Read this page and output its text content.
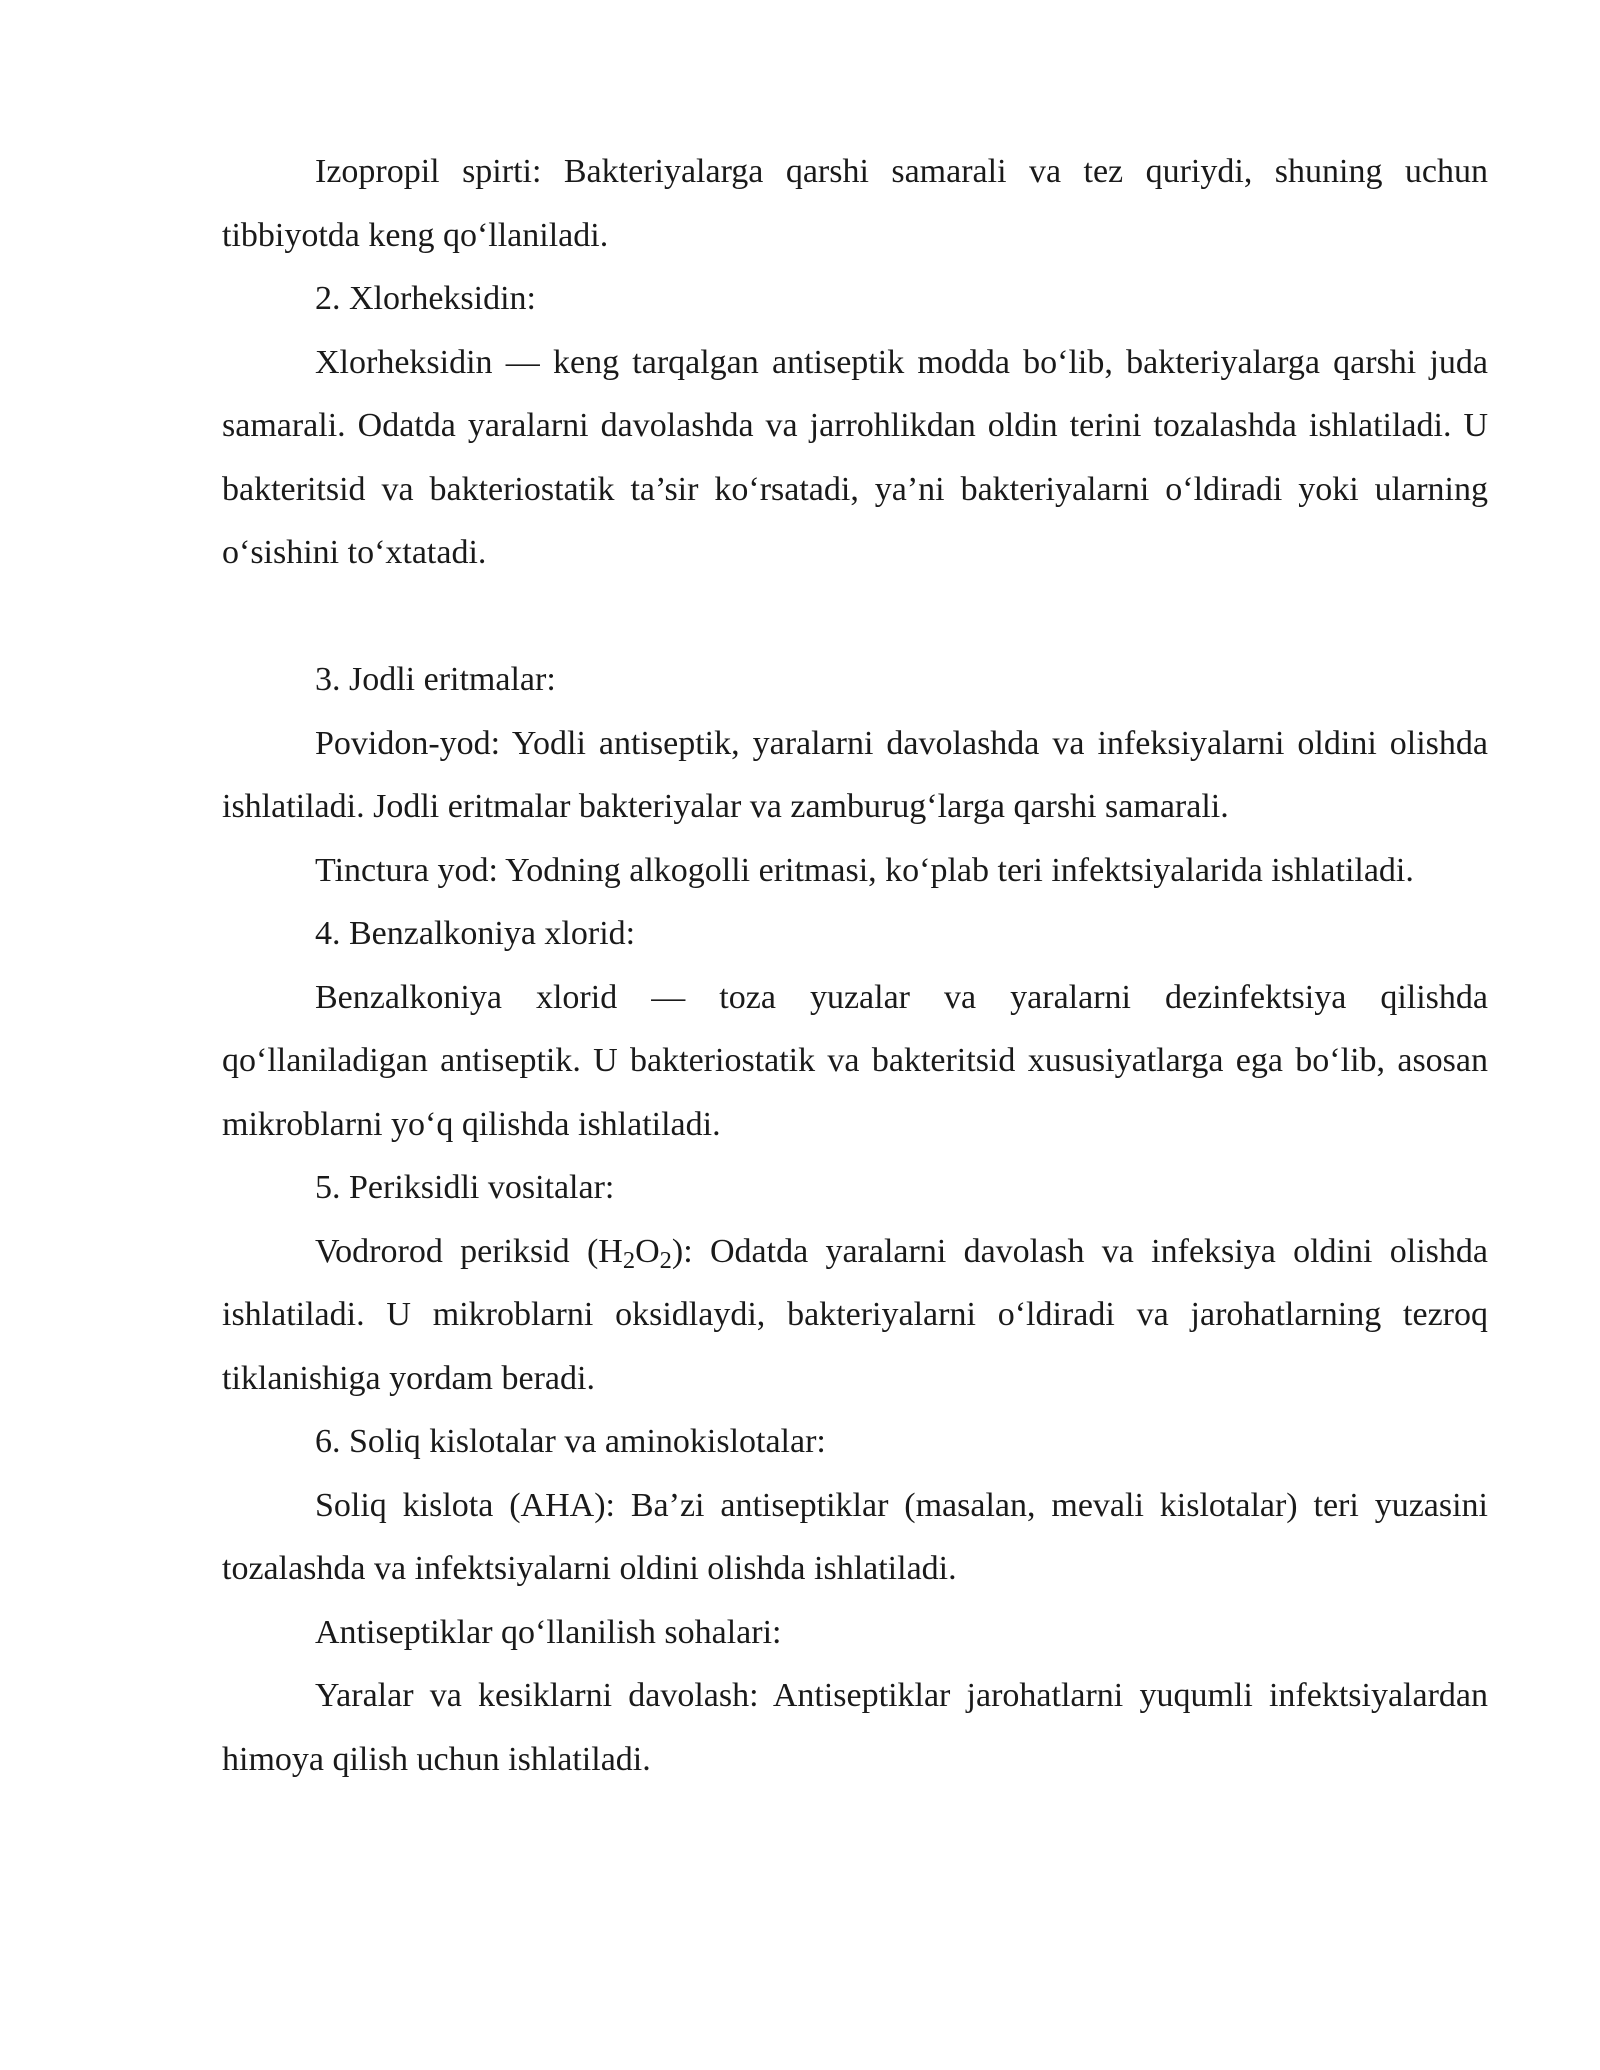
Izopropil spirti: Bakteriyalarga qarshi samarali va tez quriydi, shuning uchun tibbiyotda keng qo‘llaniladi.

2. Xlorheksidin:

Xlorheksidin — keng tarqalgan antiseptik modda bo‘lib, bakteriyalarga qarshi juda samarali. Odatda yaralarni davolashda va jarrohlikdan oldin terini tozalashda ishlatiladi. U bakteritsid va bakteriostatik ta’sir ko‘rsatadi, ya’ni bakteriyalarni o‘ldiradi yoki ularning o‘sishini to‘xtatadi.

3. Jodli eritmalar:

Povidon-yod: Yodli antiseptik, yaralarni davolashda va infeksiyalarni oldini olishda ishlatiladi. Jodli eritmalar bakteriyalar va zamburug‘larga qarshi samarali.

Tinctura yod: Yodning alkogolli eritmasi, ko‘plab teri infektsiyalarida ishlatiladi.

4. Benzalkoniya xlorid:

Benzalkoniya xlorid — toza yuzalar va yaralarni dezinfektsiya qilishda qo‘llaniladigan antiseptik. U bakteriostatik va bakteritsid xususiyatlarga ega bo‘lib, asosan mikroblarni yo‘q qilishda ishlatiladi.

5. Periksidli vositalar:

Vodrorod periksid $(H_2O_2)$: Odatda yaralarni davolash va infeksiya oldini olishda ishlatiladi. U mikroblarni oksidlaydi, bakteriyalarni o‘ldiradi va jarohatlarning tezroq tiklanishiga yordam beradi.

6. Soliq kislotalar va aminokislotalar:

Soliq kislota (AHA): Ba’zi antiseptiklar (masalan, mevali kislotalar) teri yuzasini tozalashda va infektsiyalarni oldini olishda ishlatiladi.

Antiseptiklar qo‘llanilish sohalari:

Yaralar va kesiklarni davolash: Antiseptiklar jarohatlarni yuqumli infektsiyalardan himoya qilish uchun ishlatiladi.
